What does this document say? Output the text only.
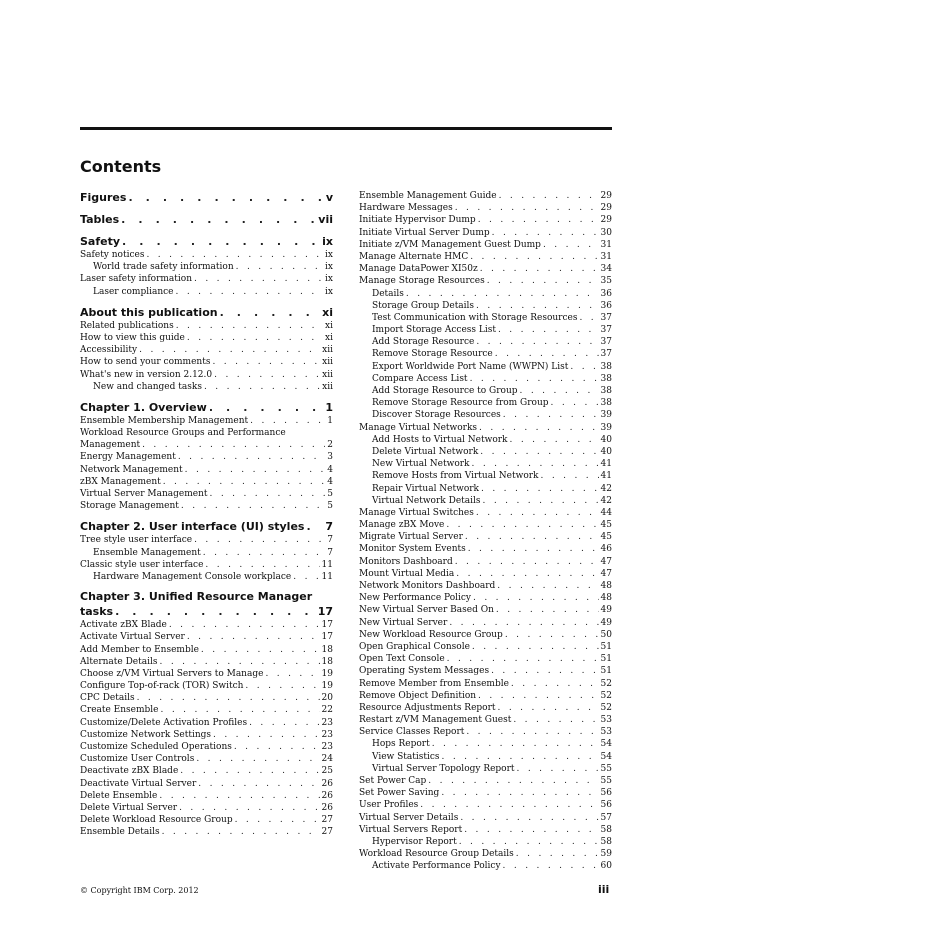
Contents
Figures . . .	v
Tables . . .	vii
Safety . . .	ix
Safety notices . . .	ix
World trade safety information . . .	ix
Laser safety information . . .	ix
Laser compliance . . .	ix
About this publication . . .	xi
Related publications . . .	xi
How to view this guide . . .	xi
Accessibility . . .	xii
How to send your comments . . .	xii
What's new in version 2.12.0 . . .	xii
New and changed tasks . . .	xii
Chapter 1. Overview . . .	1
Ensemble Membership Management . . .	1
Workload Resource Groups and Performance
Management . . .	2
Energy Management . . .	3
Network Management . . .	4
zBX Management . . .	4
Virtual Server Management . . .	5
Storage Management . . .	5
Chapter 2. User interface (UI) styles . . . 7
Tree style user interface . . .	7
Ensemble Management . . .	7
Classic style user interface . . .	11
Hardware Management Console workplace . . .	11
Chapter 3. Unified Resource Manager
tasks . . .	17
Activate zBX Blade . . .	17
Activate Virtual Server . . .	17
Add Member to Ensemble . . .	18
Alternate Details . . .	18
Choose z/VM Virtual Servers to Manage . . .	19
Configure Top-of-rack (TOR) Switch . . .	19
CPC Details . . .	20
Create Ensemble . . .	22
Customize/Delete Activation Profiles . . .	23
Customize Network Settings . . .	23
Customize Scheduled Operations . . .	23
Customize User Controls . . .	24
Deactivate zBX Blade . . .	25
Deactivate Virtual Server . . .	26
Delete Ensemble . . .	26
Delete Virtual Server . . .	26
Delete Workload Resource Group . . .	27
Ensemble Details . . .	27
Ensemble Management Guide . . .	29
Hardware Messages . . .	29
Initiate Hypervisor Dump . . .	29
Initiate Virtual Server Dump . . .	30
Initiate z/VM Management Guest Dump . . .	31
Manage Alternate HMC . . .	31
Manage DataPower XI50z . . .	34
Manage Storage Resources . . .	35
Details . . .	36
Storage Group Details . . .	36
Test Communication with Storage Resources . . .	37
Import Storage Access List . . .	37
Add Storage Resource . . .	37
Remove Storage Resource . . .	37
Export Worldwide Port Name (WWPN) List . . .	38
Compare Access List . . .	38
Add Storage Resource to Group . . .	38
Remove Storage Resource from Group . . .	38
Discover Storage Resources . . .	39
Manage Virtual Networks . . .	39
Add Hosts to Virtual Network . . .	40
Delete Virtual Network . . .	40
New Virtual Network . . .	41
Remove Hosts from Virtual Network . . .	41
Repair Virtual Network . . .	42
Virtual Network Details . . .	42
Manage Virtual Switches . . .	44
Manage zBX Move . . .	45
Migrate Virtual Server . . .	45
Monitor System Events . . .	46
Monitors Dashboard . . .	47
Mount Virtual Media . . .	47
Network Monitors Dashboard . . .	48
New Performance Policy . . .	48
New Virtual Server Based On . . .	49
New Virtual Server . . .	49
New Workload Resource Group . . .	50
Open Graphical Console . . .	51
Open Text Console . . .	51
Operating System Messages . . .	51
Remove Member from Ensemble . . .	52
Remove Object Definition . . .	52
Resource Adjustments Report . . .	52
Restart z/VM Management Guest . . .	53
Service Classes Report . . .	53
Hops Report . . .	54
View Statistics . . .	54
Virtual Server Topology Report . . .	55
Set Power Cap . . .	55
Set Power Saving . . .	56
User Profiles . . .	56
Virtual Server Details . . .	57
Virtual Servers Report . . .	58
Hypervisor Report . . .	58
Workload Resource Group Details . . .	59
Activate Performance Policy . . .	60
© Copyright IBM Corp. 2012	iii
